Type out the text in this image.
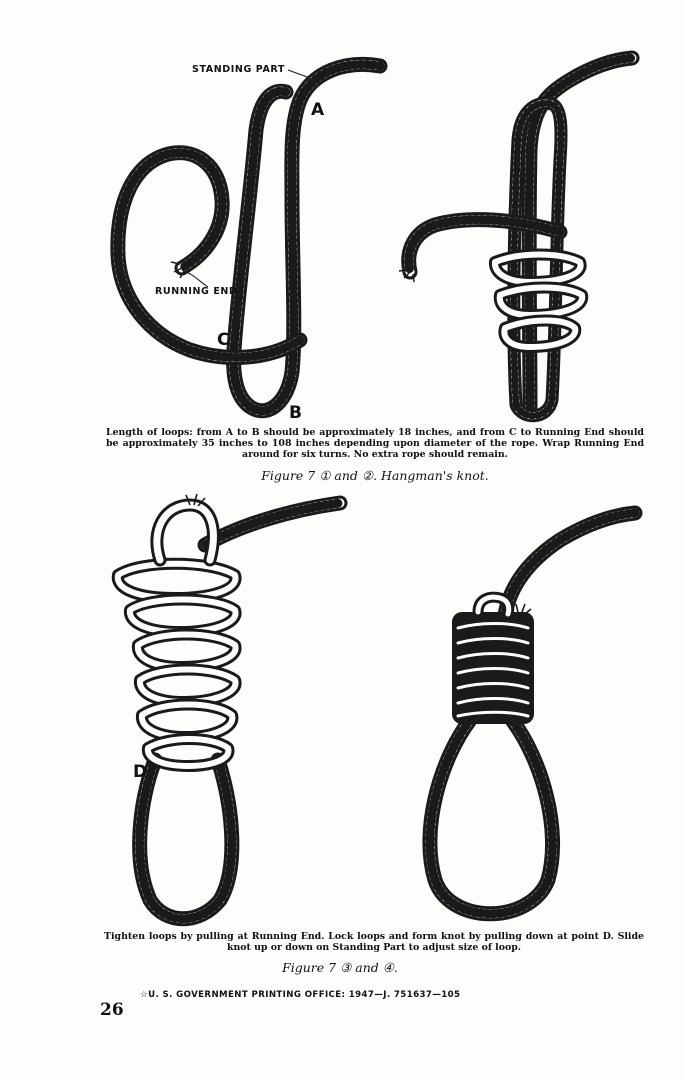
STANDING PART
A
RUNNING END
C
B
Length of loops: from A to B should be approximately 18 inches, and from C to Running End should be approximately 35 inches to 108 inches depending upon diameter of the rope. Wrap Running End around for six turns. No extra rope should remain.
Figure 7 ① and ②. Hangman's knot.
D
Tighten loops by pulling at Running End. Lock loops and form knot by pulling down at point D. Slide knot up or down on Standing Part to adjust size of loop.
Figure 7 ③ and ④.
☆U. S. GOVERNMENT PRINTING OFFICE: 1947—J. 751637—105
26
